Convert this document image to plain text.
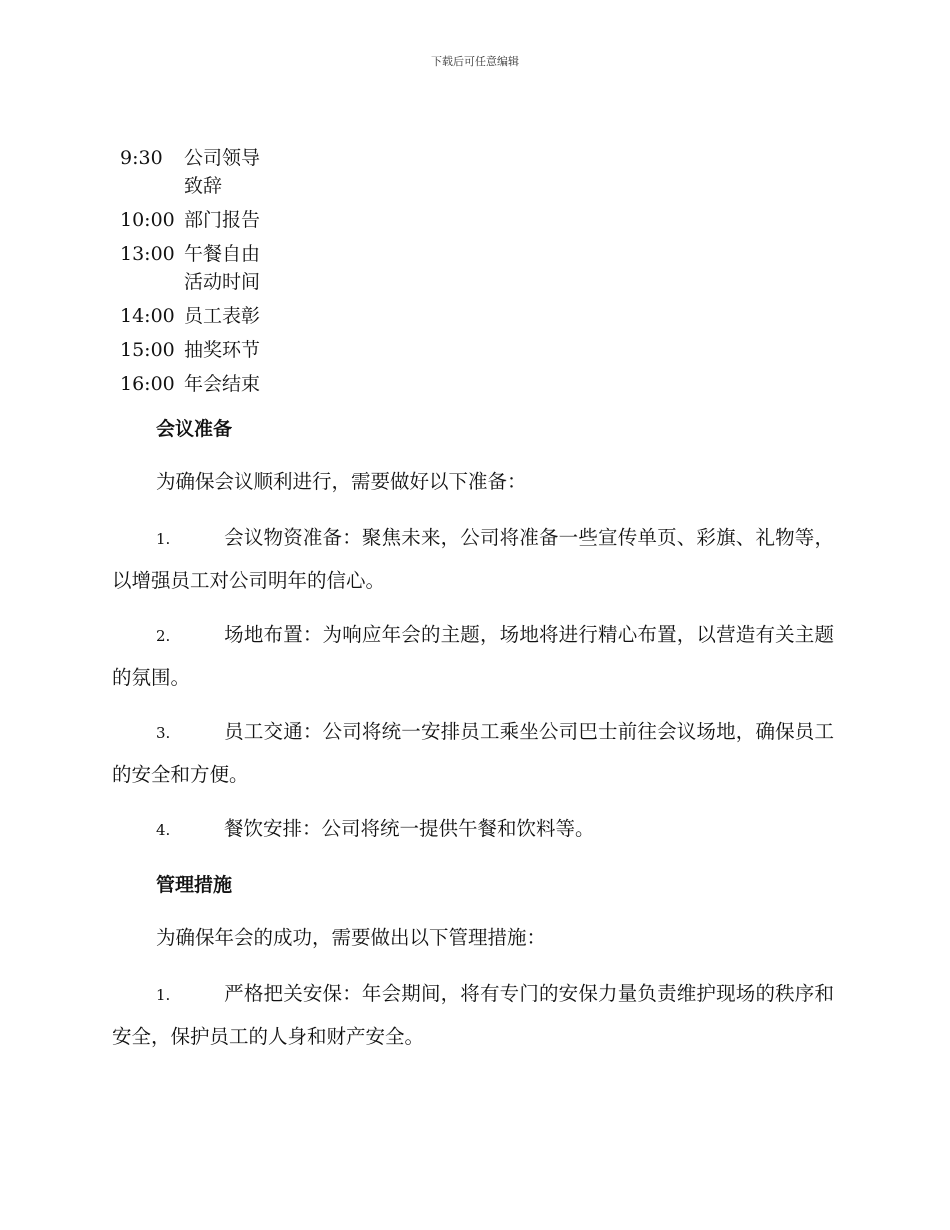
下载后可任意编辑
9:30	公司领导致辞
10:00	部门报告
13:00	午餐自由活动时间
14:00	员工表彰
15:00	抽奖环节
16:00	年会结束
会议准备
为确保会议顺利进行，需要做好以下准备：
1.	会议物资准备：聚焦未来，公司将准备一些宣传单页、彩旗、礼物等，以增强员工对公司明年的信心。
2.	场地布置：为响应年会的主题，场地将进行精心布置，以营造有关主题的氛围。
3.	员工交通：公司将统一安排员工乘坐公司巴士前往会议场地，确保员工的安全和方便。
4.	餐饮安排：公司将统一提供午餐和饮料等。
管理措施
为确保年会的成功，需要做出以下管理措施：
1.	严格把关安保：年会期间，将有专门的安保力量负责维护现场的秩序和安全，保护员工的人身和财产安全。
